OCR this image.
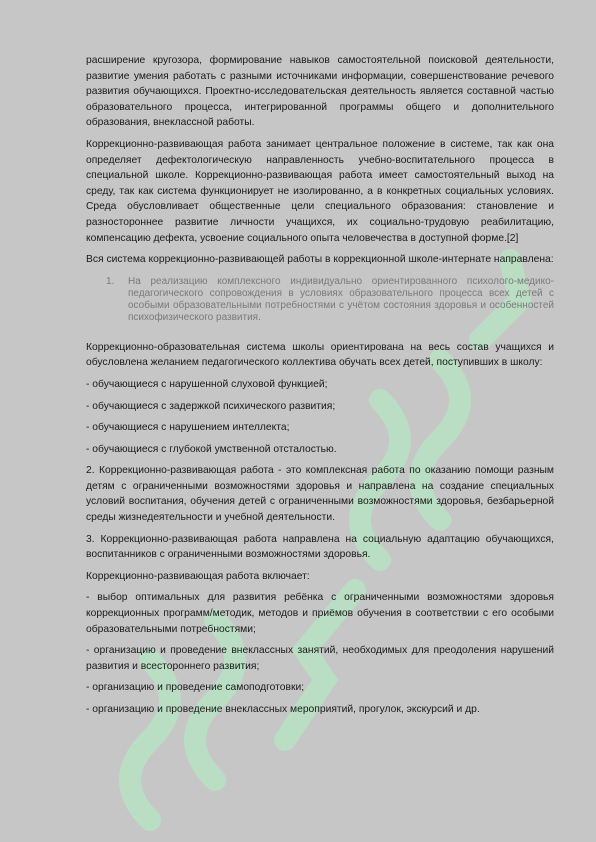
расширение кругозора, формирование навыков самостоятельной поисковой деятельности, развитие умения работать с разными источниками информации, совершенствование речевого развития обучающихся. Проектно-исследовательская деятельность является составной частью образовательного процесса, интегрированной программы общего и дополнительного образования, внеклассной работы.

Коррекционно-развивающая работа занимает центральное положение в системе, так как она определяет дефектологическую направленность учебно-воспитательного процесса в специальной школе. Коррекционно-развивающая работа имеет самостоятельный выход на среду, так как система функционирует не изолированно, а в конкретных социальных условиях. Среда обусловливает общественные цели специального образования: становление и разностороннее развитие личности учащихся, их социально-трудовую реабилитацию, компенсацию дефекта, усвоение социального опыта человечества в доступной форме.[2]

Вся система коррекционно-развивающей работы в коррекционной школе-интернате направлена:

1.	На реализацию комплексного индивидуально ориентированного психолого-медико-педагогического сопровождения в условиях образовательного процесса всех детей с особыми образовательными потребностями с учётом состояния здоровья и особенностей психофизического развития.

Коррекционно-образовательная система школы ориентирована на весь состав учащихся и обусловлена желанием педагогического коллектива обучать всех детей, поступивших в школу:

- обучающиеся с нарушенной слуховой функцией;

- обучающиеся с задержкой психического развития;

- обучающиеся с нарушением интеллекта;

- обучающиеся с глубокой умственной отсталостью.

2. Коррекционно-развивающая работа - это комплексная работа по оказанию помощи разным детям с ограниченными возможностями здоровья и направлена на создание специальных условий воспитания, обучения детей с ограниченными возможностями здоровья, безбарьерной среды жизнедеятельности и учебной деятельности.

3. Коррекционно-развивающая работа направлена на социальную адаптацию обучающихся, воспитанников с ограниченными возможностями здоровья.

Коррекционно-развивающая работа включает:

- выбор оптимальных для развития ребёнка с ограниченными возможностями здоровья коррекционных программ/методик, методов и приёмов обучения в соответствии с его особыми образовательными потребностями;

- организацию и проведение внеклассных занятий, необходимых для преодоления нарушений развития и всестороннего развития;

- организацию и проведение самоподготовки;

- организацию и проведение внеклассных мероприятий, прогулок, экскурсий и др.
